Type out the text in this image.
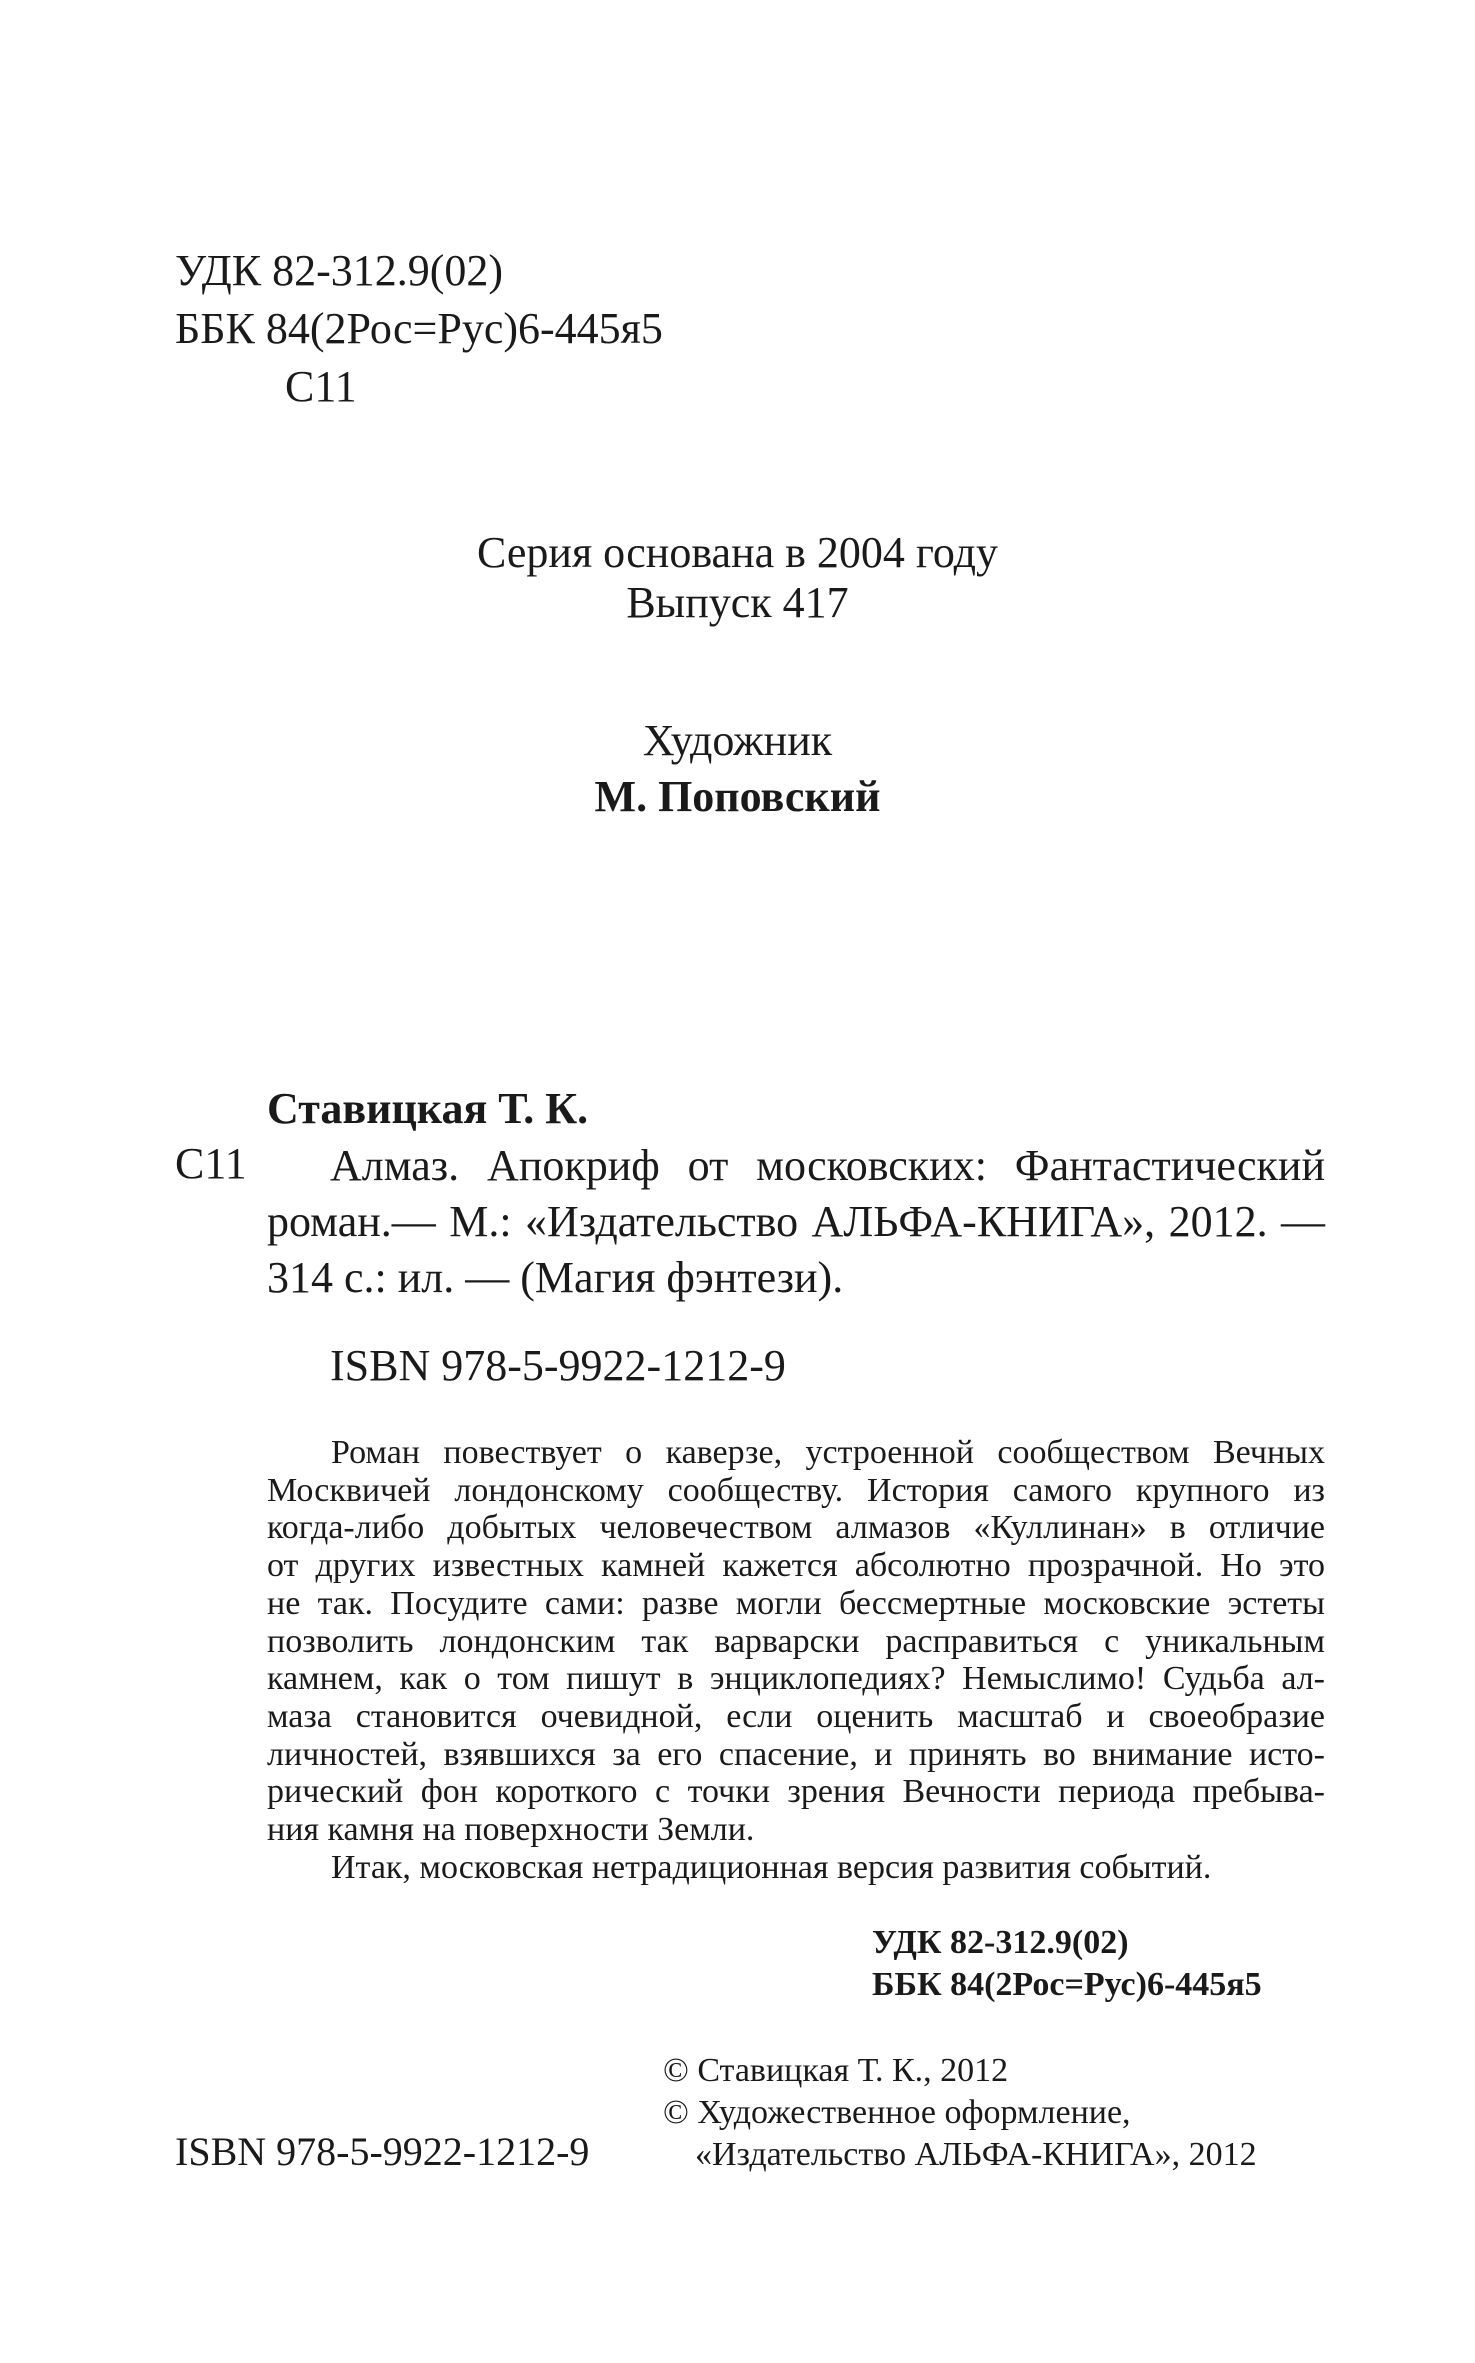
УДК 82-312.9(02)
ББК 84(2Рос=Рус)6-445я5
С11
Серия основана в 2004 году
Выпуск 417
Художник
М. Поповский
Ставицкая Т. К.
С11 Алмаз. Апокриф от московских: Фантастический
роман.— М.: «Издательство АЛЬФА-КНИГА», 2012. —
314 с.: ил. — (Магия фэнтези).
ISBN 978-5-9922-1212-9
Роман повествует о каверзе, устроенной сообществом Вечных
Москвичей лондонскому сообществу. История самого крупного из
когда-либо добытых человечеством алмазов «Куллинан» в отличие
от других известных камней кажется абсолютно прозрачной. Но это
не так. Посудите сами: разве могли бессмертные московские эстеты
позволить лондонским так варварски расправиться с уникальным
камнем, как о том пишут в энциклопедиях? Немыслимо! Судьба ал-
маза становится очевидной, если оценить масштаб и своеобразие
личностей, взявшихся за его спасение, и принять во внимание исто-
рический фон короткого с точки зрения Вечности периода пребыва-
ния камня на поверхности Земли.
Итак, московская нетрадиционная версия развития событий.
УДК 82-312.9(02)
ББК 84(2Рос=Рус)6-445я5
© Ставицкая Т. К., 2012
© Художественное оформление,
«Издательство АЛЬФА-КНИГА», 2012
ISBN 978-5-9922-1212-9
